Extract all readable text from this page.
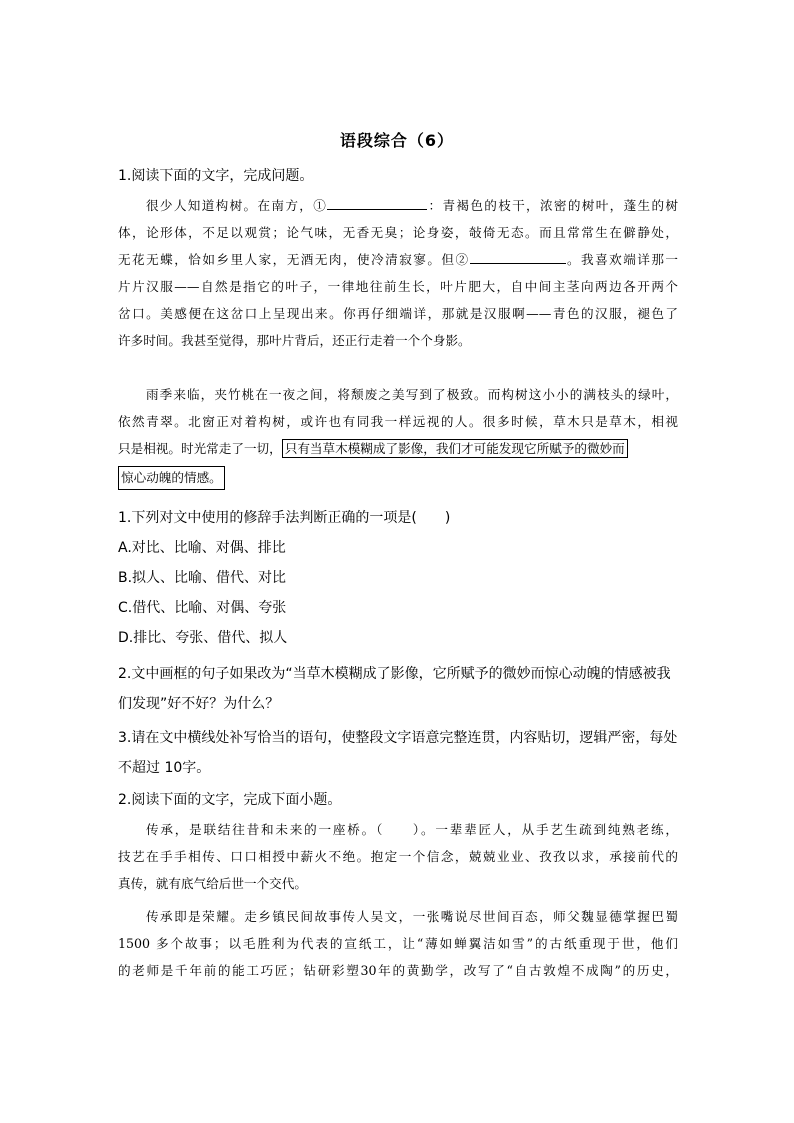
语段综合（6）
1.阅读下面的文字，完成问题。
很少人知道构树。在南方，①	：青褐色的枝干，浓密的树叶，蓬生的树
体，论形体，不足以观赏；论气味，无香无臭；论身姿，敧倚无态。而且常常生在僻静处，
无花无蝶，恰如乡里人家，无酒无肉，使冷清寂寥。但②	。我喜欢端详那一
片片汉服——自然是指它的叶子，一律地往前生长，叶片肥大，自中间主茎向两边各开两个
岔口。美感便在这岔口上呈现出来。你再仔细端详，那就是汉服啊——青色的汉服，褪色了
许多时间。我甚至觉得，那叶片背后，还正行走着一个个身影。
雨季来临，夹竹桃在一夜之间，将颓废之美写到了极致。而构树这小小的满枝头的绿叶，
依然青翠。北窗正对着构树，或许也有同我一样远视的人。很多时候，草木只是草木，相视
只是相视。时光常走了一切， 只有当草木模糊成了影像，我们才可能发现它所赋予的微妙而
惊心动魄的情感。
1.下列对文中使用的修辞手法判断正确的一项是(　　)
A.对比、比喻、对偶、排比
B.拟人、比喻、借代、对比
C.借代、比喻、对偶、夸张
D.排比、夸张、借代、拟人
2.文中画框的句子如果改为“当草木模糊成了影像，它所赋予的微妙而惊心动魄的情感被我
们发现”好不好？为什么？
3.请在文中横线处补写恰当的语句，使整段文字语意完整连贯，内容贴切，逻辑严密，每处
不超过 10字。
2.阅读下面的文字，完成下面小题。
传承，是联结往昔和未来的一座桥。（　　）。一辈辈匠人，从手艺生疏到纯熟老练，
技艺在手手相传、口口相授中薪火不绝。抱定一个信念，兢兢业业、孜孜以求，承接前代的
真传，就有底气给后世一个交代。
传承即是荣耀。走乡镇民间故事传人吴文，一张嘴说尽世间百态，师父魏显德掌握巴蜀
1500 多个故事；以毛胜利为代表的宣纸工，让“薄如蝉翼洁如雪”的古纸重现于世，他们
的老师是千年前的能工巧匠；钻研彩塑30年的黄勤学，改写了“自古敦煌不成陶”的历史，
